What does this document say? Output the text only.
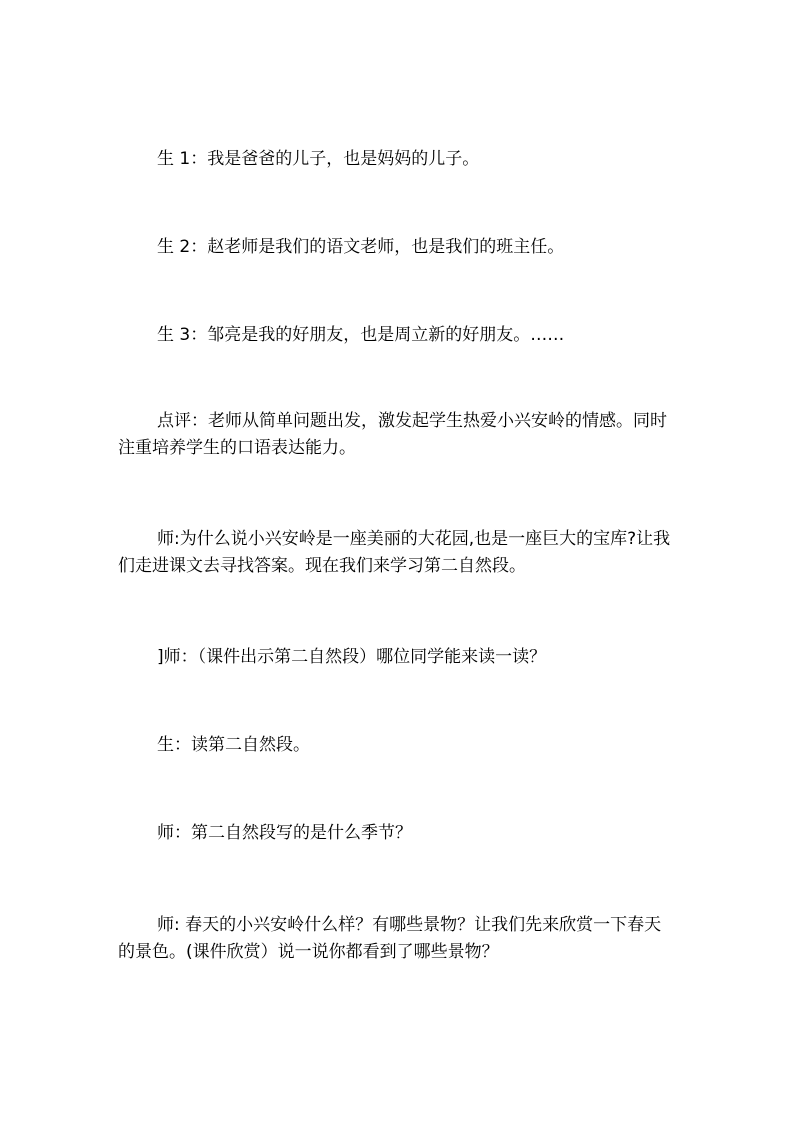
生 1：我是爸爸的儿子，也是妈妈的儿子。

生 2：赵老师是我们的语文老师，也是我们的班主任。

生 3：邹亮是我的好朋友，也是周立新的好朋友。……

点评：老师从简单问题出发，激发起学生热爱小兴安岭的情感。同时注重培养学生的口语表达能力。

师:为什么说小兴安岭是一座美丽的大花园,也是一座巨大的宝库?让我们走进课文去寻找答案。现在我们来学习第二自然段。

]师：（课件出示第二自然段）哪位同学能来读一读？

生：读第二自然段。

师：第二自然段写的是什么季节？

师: 春天的小兴安岭什么样？有哪些景物？让我们先来欣赏一下春天的景色。(课件欣赏）说一说你都看到了哪些景物？
